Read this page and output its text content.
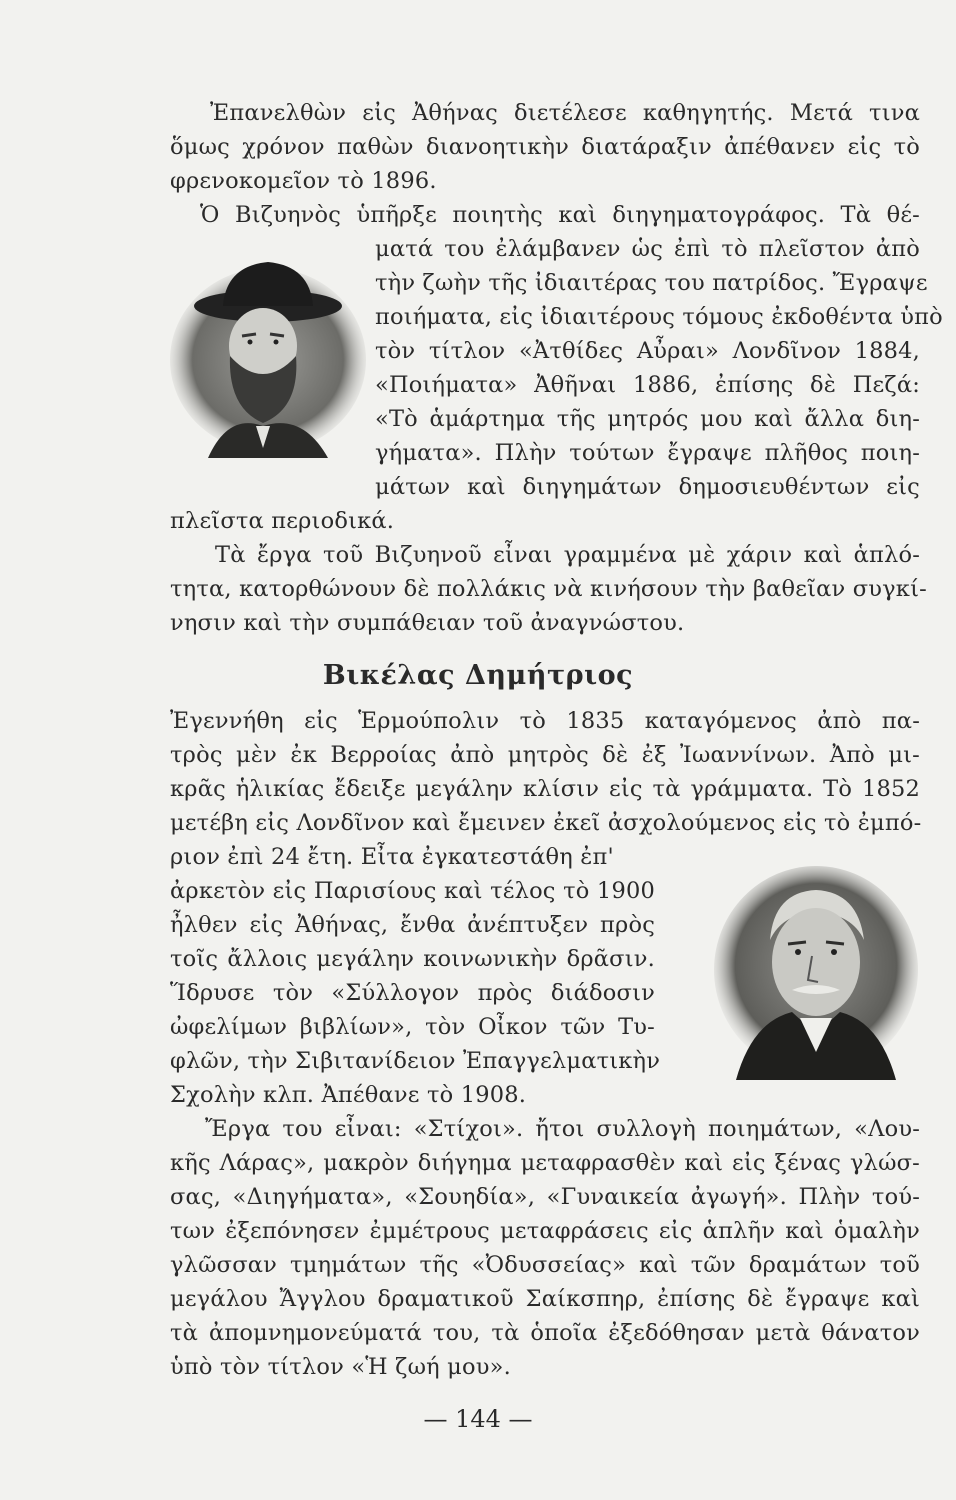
Ἐπανελθὼν εἰς Ἀθήνας διετέλεσε καθηγητής. Μετά τινα
ὅμως χρόνον παθὼν διανοητικὴν διατάραξιν ἀπέθανεν εἰς τὸ
φρενοκομεῖον τὸ 1896.
Ὁ Βιζυηνὸς ὑπῆρξε ποιητὴς καὶ διηγηματογράφος. Τὰ θέ-
ματά του ἐλάμβανεν ὡς ἐπὶ τὸ πλεῖστον ἀπὸ
τὴν ζωὴν τῆς ἰδιαιτέρας του πατρίδος. Ἔγραψε
ποιήματα, εἰς ἰδιαιτέρους τόμους ἐκδοθέντα ὑπὸ
τὸν τίτλον «Ἀτθίδες Αὖραι» Λονδῖνον 1884,
«Ποιήματα» Ἀθῆναι 1886, ἐπίσης δὲ Πεζά:
«Τὸ ἁμάρτημα τῆς μητρός μου καὶ ἄλλα διη-
γήματα». Πλὴν τούτων ἔγραψε πλῆθος ποιη-
μάτων καὶ διηγημάτων δημοσιευθέντων εἰς
πλεῖστα περιοδικά.
Τὰ ἔργα τοῦ Βιζυηνοῦ εἶναι γραμμένα μὲ χάριν καὶ ἁπλό-
τητα, κατορθώνουν δὲ πολλάκις νὰ κινήσουν τὴν βαθεῖαν συγκί-
νησιν καὶ τὴν συμπάθειαν τοῦ ἀναγνώστου.
Βικέλας Δημήτριος
Ἐγεννήθη εἰς Ἑρμούπολιν τὸ 1835 καταγόμενος ἀπὸ πα-
τρὸς μὲν ἐκ Βερροίας ἀπὸ μητρὸς δὲ ἐξ Ἰωαννίνων. Ἀπὸ μι-
κρᾶς ἡλικίας ἔδειξε μεγάλην κλίσιν εἰς τὰ γράμματα. Τὸ 1852
μετέβη εἰς Λονδῖνον καὶ ἔμεινεν ἐκεῖ ἀσχολούμενος εἰς τὸ ἐμπό-
ριον ἐπὶ 24 ἔτη. Εἶτα ἐγκατεστάθη ἐπ'
ἀρκετὸν εἰς Παρισίους καὶ τέλος τὸ 1900
ἦλθεν εἰς Ἀθήνας, ἔνθα ἀνέπτυξεν πρὸς
τοῖς ἄλλοις μεγάλην κοινωνικὴν δρᾶσιν.
Ἵδρυσε τὸν «Σύλλογον πρὸς διάδοσιν
ὠφελίμων βιβλίων», τὸν Οἶκον τῶν Τυ-
φλῶν, τὴν Σιβιτανίδειον Ἐπαγγελματικὴν
Σχολὴν κλπ. Ἀπέθανε τὸ 1908.
Ἔργα του εἶναι: «Στίχοι». ἤτοι συλλογὴ ποιημάτων, «Λου-
κῆς Λάρας», μακρὸν διήγημα μεταφρασθὲν καὶ εἰς ξένας γλώσ-
σας, «Διηγήματα», «Σουηδία», «Γυναικεία ἀγωγή». Πλὴν τού-
των ἐξεπόνησεν ἐμμέτρους μεταφράσεις εἰς ἁπλῆν καὶ ὁμαλὴν
γλῶσσαν τμημάτων τῆς «Ὀδυσσείας» καὶ τῶν δραμάτων τοῦ
μεγάλου Ἄγγλου δραματικοῦ Σαίκσπηρ, ἐπίσης δὲ ἔγραψε καὶ
τὰ ἀπομνημονεύματά του, τὰ ὁποῖα ἐξεδόθησαν μετὰ θάνατον
ὑπὸ τὸν τίτλον «Ἡ ζωή μου».
— 144 —
